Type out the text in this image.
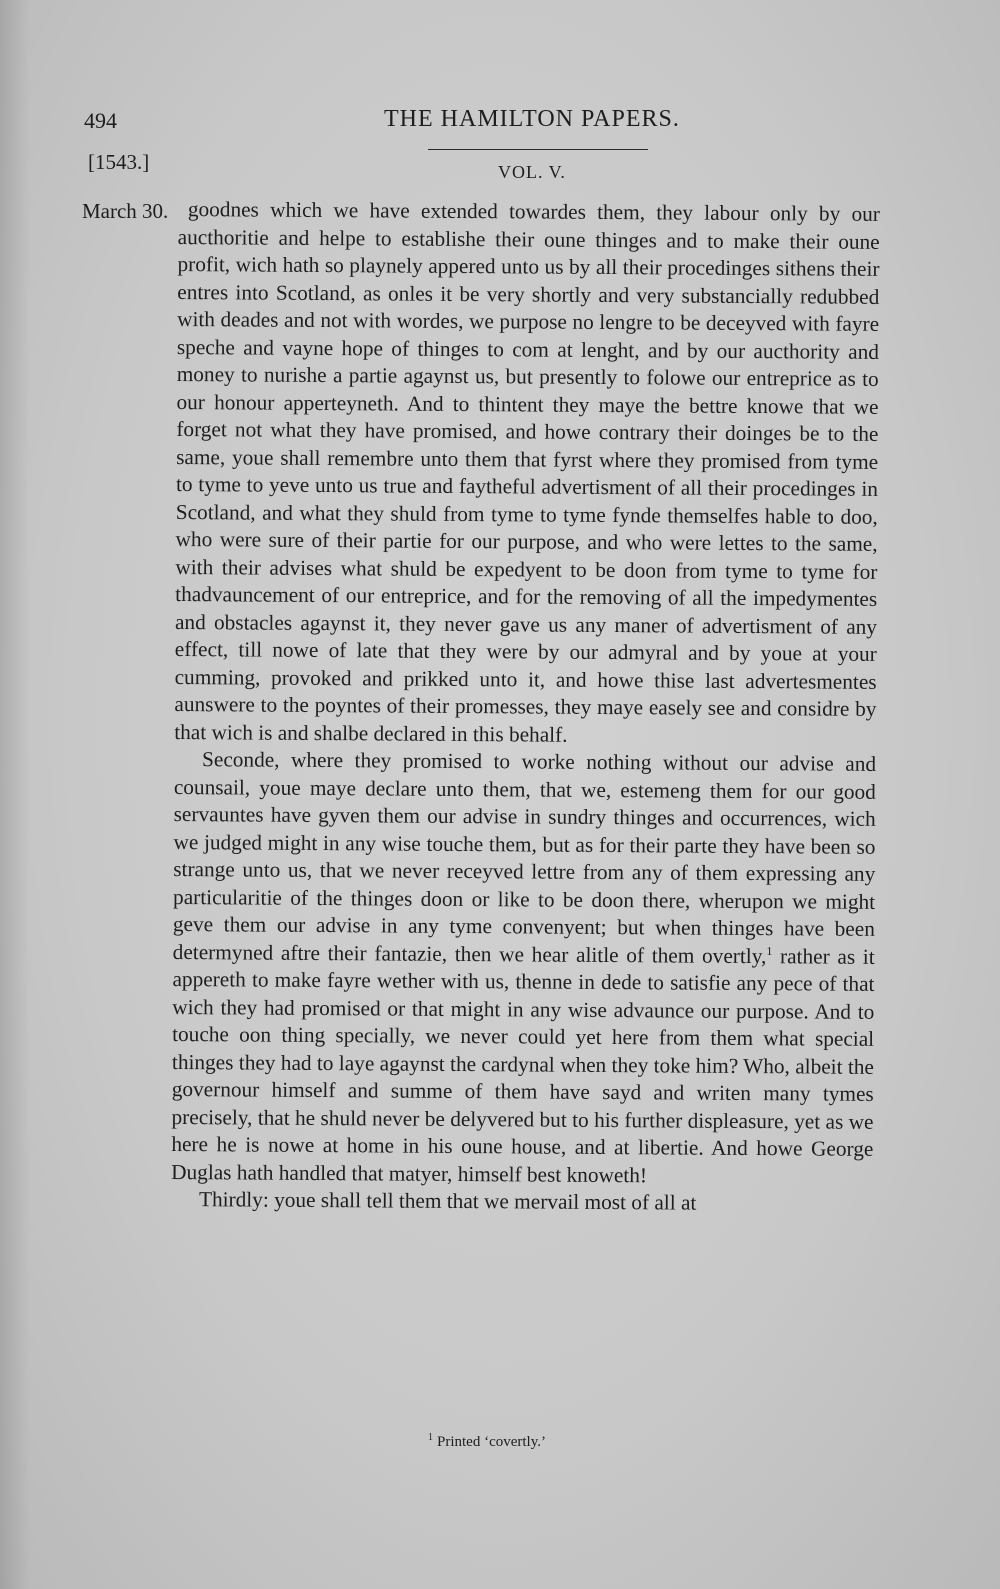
494	THE HAMILTON PAPERS.
[1543.]	VOL. V.
March 30. goodnes which we have extended towardes them, they labour only by our aucthoritie and helpe to establishe their oune thinges and to make their oune profit, wich hath so playnely appered unto us by all their procedinges sithens their entres into Scotland, as onles it be very shortly and very substancially redubbed with deades and not with wordes, we purpose no lengre to be deceyved with fayre speche and vayne hope of thinges to com at lenght, and by our aucthority and money to nurishe a partie agaynst us, but presently to folowe our entreprice as to our honour apperteyneth. And to thintent they maye the bettre knowe that we forget not what they have promised, and howe contrary their doinges be to the same, youe shall remembre unto them that fyrst where they promised from tyme to tyme to yeve unto us true and faytheful advertisment of all their procedinges in Scotland, and what they shuld from tyme to tyme fynde themselfes hable to doo, who were sure of their partie for our purpose, and who were lettes to the same, with their advises what shuld be expedyent to be doon from tyme to tyme for thadvauncement of our entreprice, and for the removing of all the impedymentes and obstacles agaynst it, they never gave us any maner of advertisment of any effect, till nowe of late that they were by our admyral and by youe at your cumming, provoked and prikked unto it, and howe thise last advertesmentes aunswere to the poyntes of their promesses, they maye easely see and considre by that wich is and shalbe declared in this behalf.

Seconde, where they promised to worke nothing without our advise and counsail, youe maye declare unto them, that we, estemeng them for our good servauntes have gyven them our advise in sundry thinges and occurrences, wich we judged might in any wise touche them, but as for their parte they have been so strange unto us, that we never receyved lettre from any of them expressing any particularitie of the thinges doon or like to be doon there, wherupon we might geve them our advise in any tyme convenyent; but when thinges have been determyned aftre their fantazie, then we hear alitle of them overtly,$^1$ rather as it appereth to make fayre wether with us, thenne in dede to satisfie any pece of that wich they had promised or that might in any wise advaunce our purpose. And to touche oon thing specially, we never could yet here from them what special thinges they had to laye agaynst the cardynal when they toke him? Who, albeit the governour himself and summe of them have sayd and writen many tymes precisely, that he shuld never be delyvered but to his further displeasure, yet as we here he is nowe at home in his oune house, and at libertie. And howe George Duglas hath handled that matyer, himself best knoweth!

Thirdly: youe shall tell them that we mervail most of all at

$^1$ Printed ‘covertly.’
